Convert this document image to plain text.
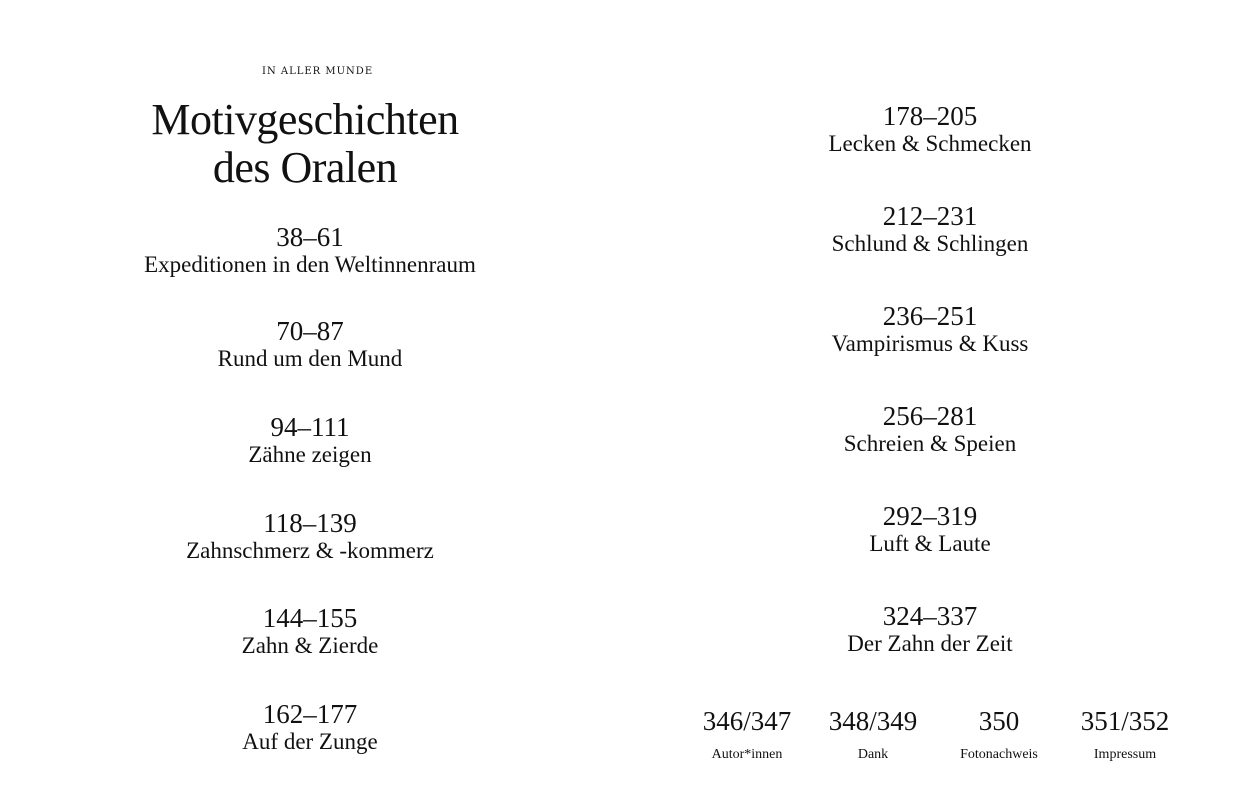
IN ALLER MUNDE
Motivgeschichten
des Oralen
38–61
Expeditionen in den Weltinnenraum
70–87
Rund um den Mund
94–111
Zähne zeigen
118–139
Zahnschmerz & -kommerz
144–155
Zahn & Zierde
162–177
Auf der Zunge
178–205
Lecken & Schmecken
212–231
Schlund & Schlingen
236–251
Vampirismus & Kuss
256–281
Schreien & Speien
292–319
Luft & Laute
324–337
Der Zahn der Zeit
346/347
Autor*innen
348/349
Dank
350
Fotonachweis
351/352
Impressum
